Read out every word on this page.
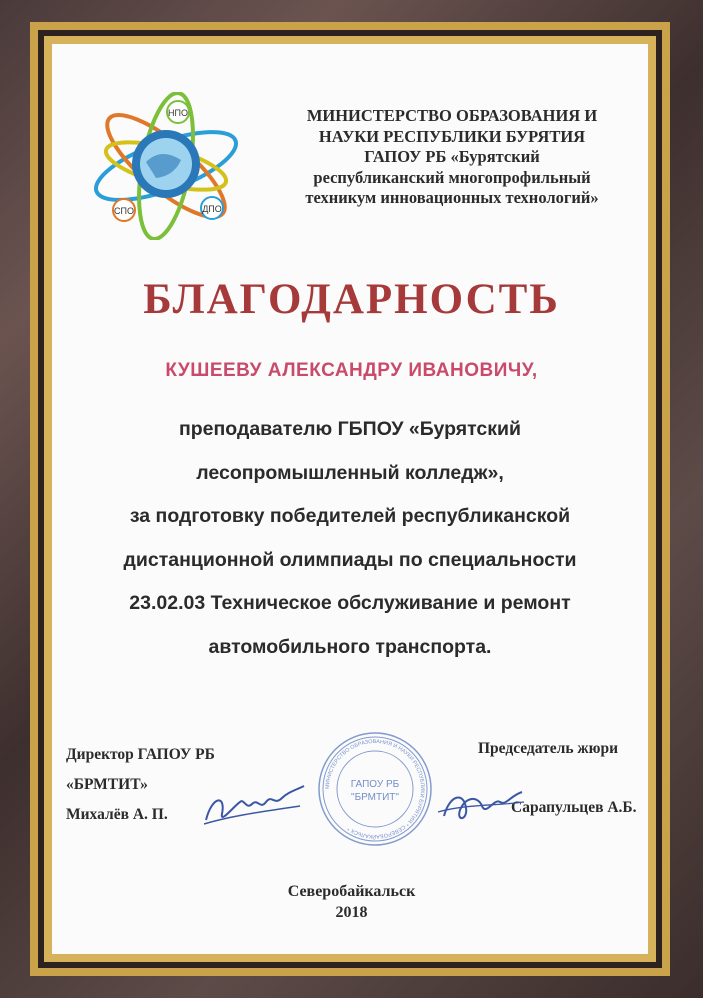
НПО
СПО	ДПО
МИНИСТЕРСТВО ОБРАЗОВАНИЯ И
НАУКИ РЕСПУБЛИКИ БУРЯТИЯ
ГАПОУ РБ «Бурятский
республиканский многопрофильный
техникум инновационных технологий»
БЛАГОДАРНОСТЬ
КУШЕЕВУ АЛЕКСАНДРУ ИВАНОВИЧУ,
преподавателю ГБПОУ «Бурятский
лесопромышленный колледж»,
за подготовку победителей республиканской
дистанционной олимпиады по специальности
23.02.03 Техническое обслуживание и ремонт
автомобильного транспорта.
Директор ГАПОУ РБ
«БРМТИТ»
Михалёв А. П.
Председатель жюри
Сарапульцев А.Б.
МИНИСТЕРСТВО ОБРАЗОВАНИЯ И НАУКИ РЕСПУБЛИКИ БУРЯТИЯ * СЕВЕРОБАЙКАЛЬСК *
ГАПОУ РБ
"БРМТИТ"
Северобайкальск
2018
